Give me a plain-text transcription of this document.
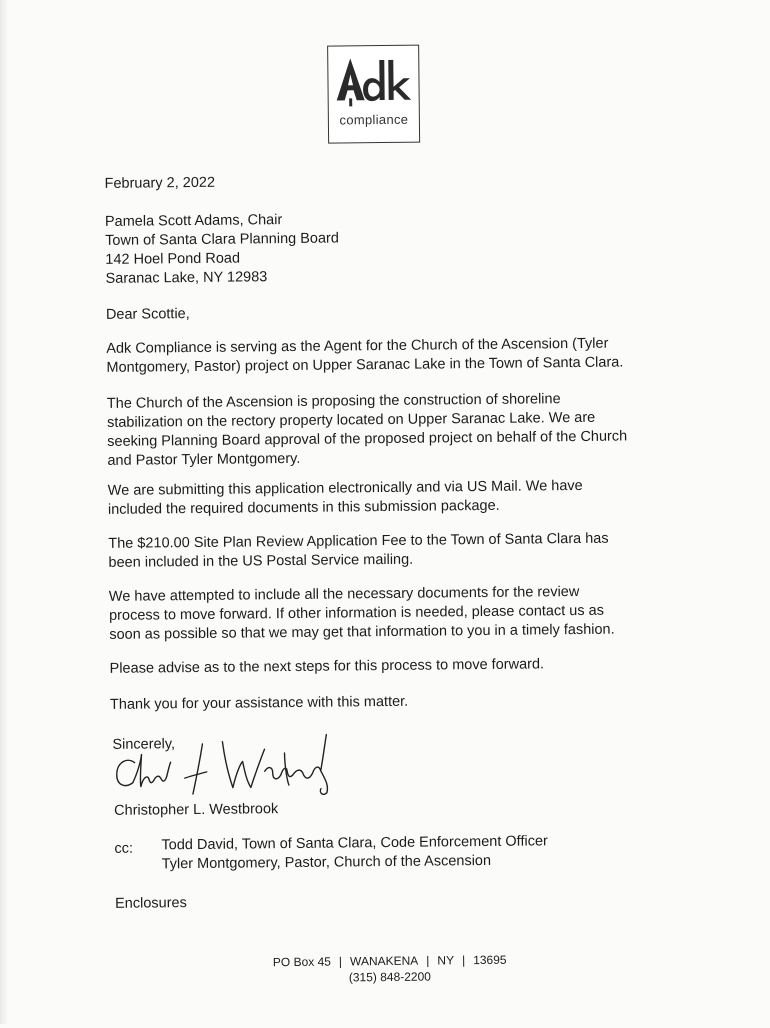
compliance
February 2, 2022
Pamela Scott Adams, Chair
Town of Santa Clara Planning Board
142 Hoel Pond Road
Saranac Lake, NY 12983
Dear Scottie,
Adk Compliance is serving as the Agent for the Church of the Ascension (Tyler
Montgomery, Pastor) project on Upper Saranac Lake in the Town of Santa Clara.
The Church of the Ascension is proposing the construction of shoreline
stabilization on the rectory property located on Upper Saranac Lake. We are
seeking Planning Board approval of the proposed project on behalf of the Church
and Pastor Tyler Montgomery.
We are submitting this application electronically and via US Mail. We have
included the required documents in this submission package.
The $210.00 Site Plan Review Application Fee to the Town of Santa Clara has
been included in the US Postal Service mailing.
We have attempted to include all the necessary documents for the review
process to move forward. If other information is needed, please contact us as
soon as possible so that we may get that information to you in a timely fashion.
Please advise as to the next steps for this process to move forward.
Thank you for your assistance with this matter.
Sincerely,
Christopher L. Westbrook
cc: Todd David, Town of Santa Clara, Code Enforcement Officer
Tyler Montgomery, Pastor, Church of the Ascension
Enclosures
PO Box 45 | WANAKENA | NY | 13695
(315) 848-2200
